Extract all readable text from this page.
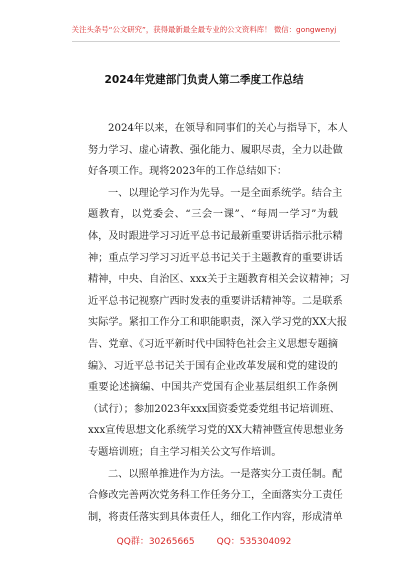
关注头条号“公文研究”，获得最新最全最专业的公文资料库！ 微信：gongwenyj
2024年党建部门负责人第二季度工作总结
2024年以来，在领导和同事们的关心与指导下，本人
努力学习、虚心请教、强化能力、履职尽责，全力以赴做
好各项工作。现将2023年的工作总结如下：
一、以理论学习作为先导。一是全面系统学。结合主
题教育，以党委会、“三会一课”、“每周一学习”为载
体，及时跟进学习习近平总书记最新重要讲话指示批示精
神；重点学习学习习近平总书记关于主题教育的重要讲话
精神，中央、自治区、xxx关于主题教育相关会议精神；习
近平总书记视察广西时发表的重要讲话精神等。二是联系
实际学。紧扣工作分工和职能职责，深入学习党的XX大报
告、党章、《习近平新时代中国特色社会主义思想专题摘
编》、习近平总书记关于国有企业改革发展和党的建设的
重要论述摘编、中国共产党国有企业基层组织工作条例
（试行）；参加2023年xxx国资委党委党组书记培训班、
xxx宣传思想文化系统学习党的XX大精神暨宣传思想业务
专题培训班；自主学习相关公文写作培训。
二、以照单推进作为方法。一是落实分工责任制。配
合修改完善两次党务科工作任务分工，全面落实分工责任
制，将责任落实到具体责任人，细化工作内容，形成清单
QQ群：30265665 QQ：535304092
